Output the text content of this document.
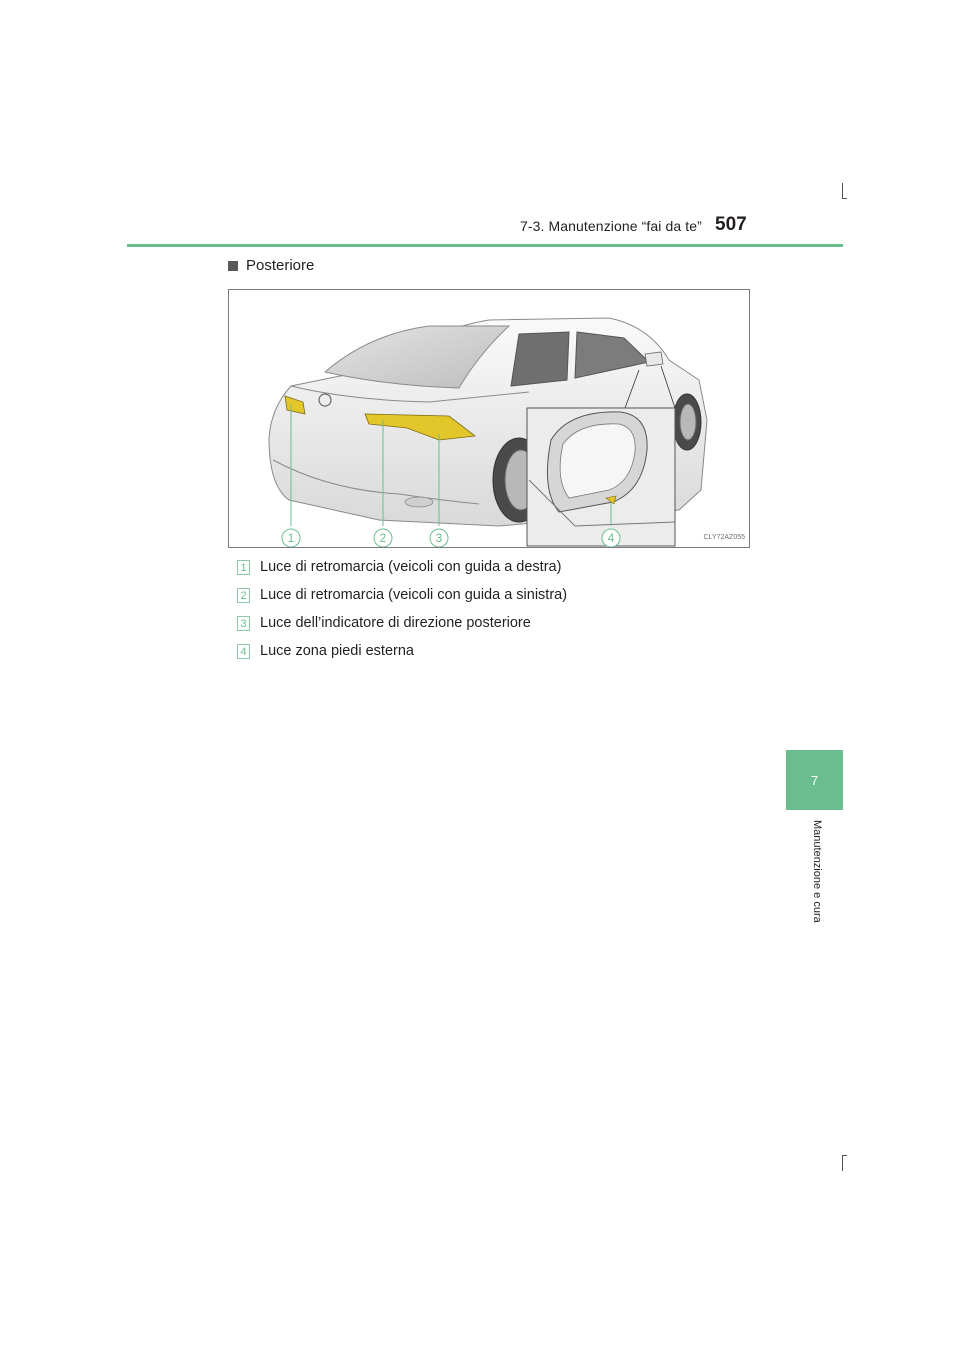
7-3. Manutenzione “fai da te” 507
Posteriore
1	2	3	4	CLY72AZ055
1 Luce di retromarcia (veicoli con guida a destra)
2 Luce di retromarcia (veicoli con guida a sinistra)
3 Luce dell’indicatore di direzione posteriore
4 Luce zona piedi esterna
7
Manutenzione e cura
